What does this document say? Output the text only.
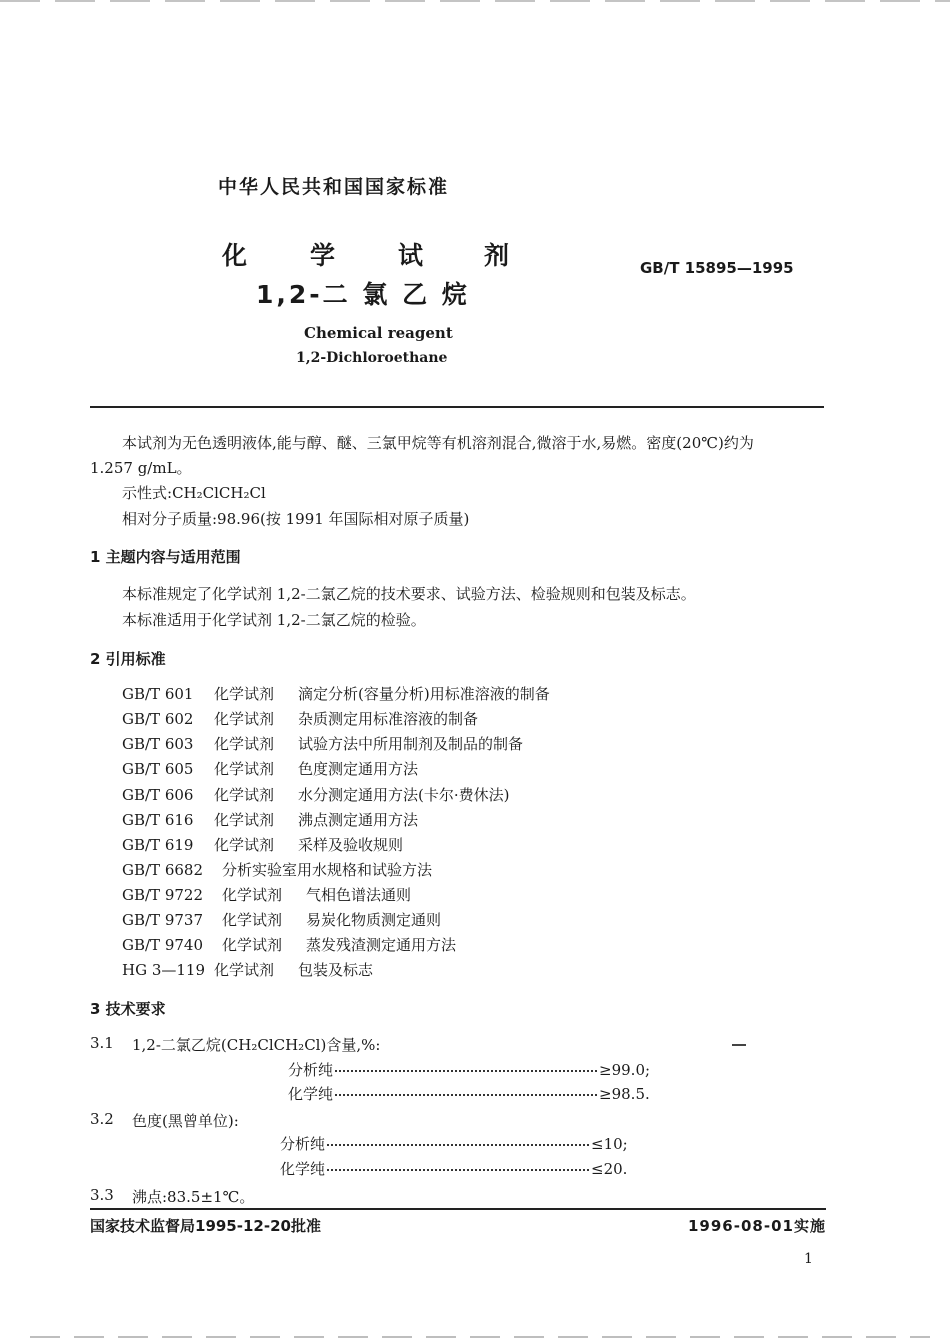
中华人民共和国国家标准
化	学	试 剂
1,2-二 氯 乙 烷
GB/T 15895—1995
Chemical reagent
1,2-Dichloroethane
本试剂为无色透明液体,能与醇、醚、三氯甲烷等有机溶剂混合,微溶于水,易燃。密度(20℃)约为
1.257 g/mL。
示性式:CH₂ClCH₂Cl
相对分子质量:98.96(按 1991 年国际相对原子质量)
1 主题内容与适用范围
本标准规定了化学试剂 1,2-二氯乙烷的技术要求、试验方法、检验规则和包装及标志。
本标准适用于化学试剂 1,2-二氯乙烷的检验。
2 引用标准
GB/T 601 化学试剂 滴定分析(容量分析)用标准溶液的制备
GB/T 602 化学试剂 杂质测定用标准溶液的制备
GB/T 603 化学试剂 试验方法中所用制剂及制品的制备
GB/T 605 化学试剂 色度测定通用方法
GB/T 606 化学试剂 水分测定通用方法(卡尔·费休法)
GB/T 616 化学试剂 沸点测定通用方法
GB/T 619 化学试剂 采样及验收规则
GB/T 6682 分析实验室用水规格和试验方法
GB/T 9722 化学试剂 气相色谱法通则
GB/T 9737 化学试剂 易炭化物质测定通则
GB/T 9740 化学试剂 蒸发残渣测定通用方法
HG 3—119 化学试剂 包装及标志
3 技术要求
3.1 1,2-二氯乙烷(CH₂ClCH₂Cl)含量,%:
分析纯	≥99.0;
化学纯	≥98.5.
3.2 色度(黑曾单位):
分析纯	≤10;
化学纯	≤20.
3.3 沸点:83.5±1℃。
国家技术监督局1995-12-20批准	1996-08-01实施
1
